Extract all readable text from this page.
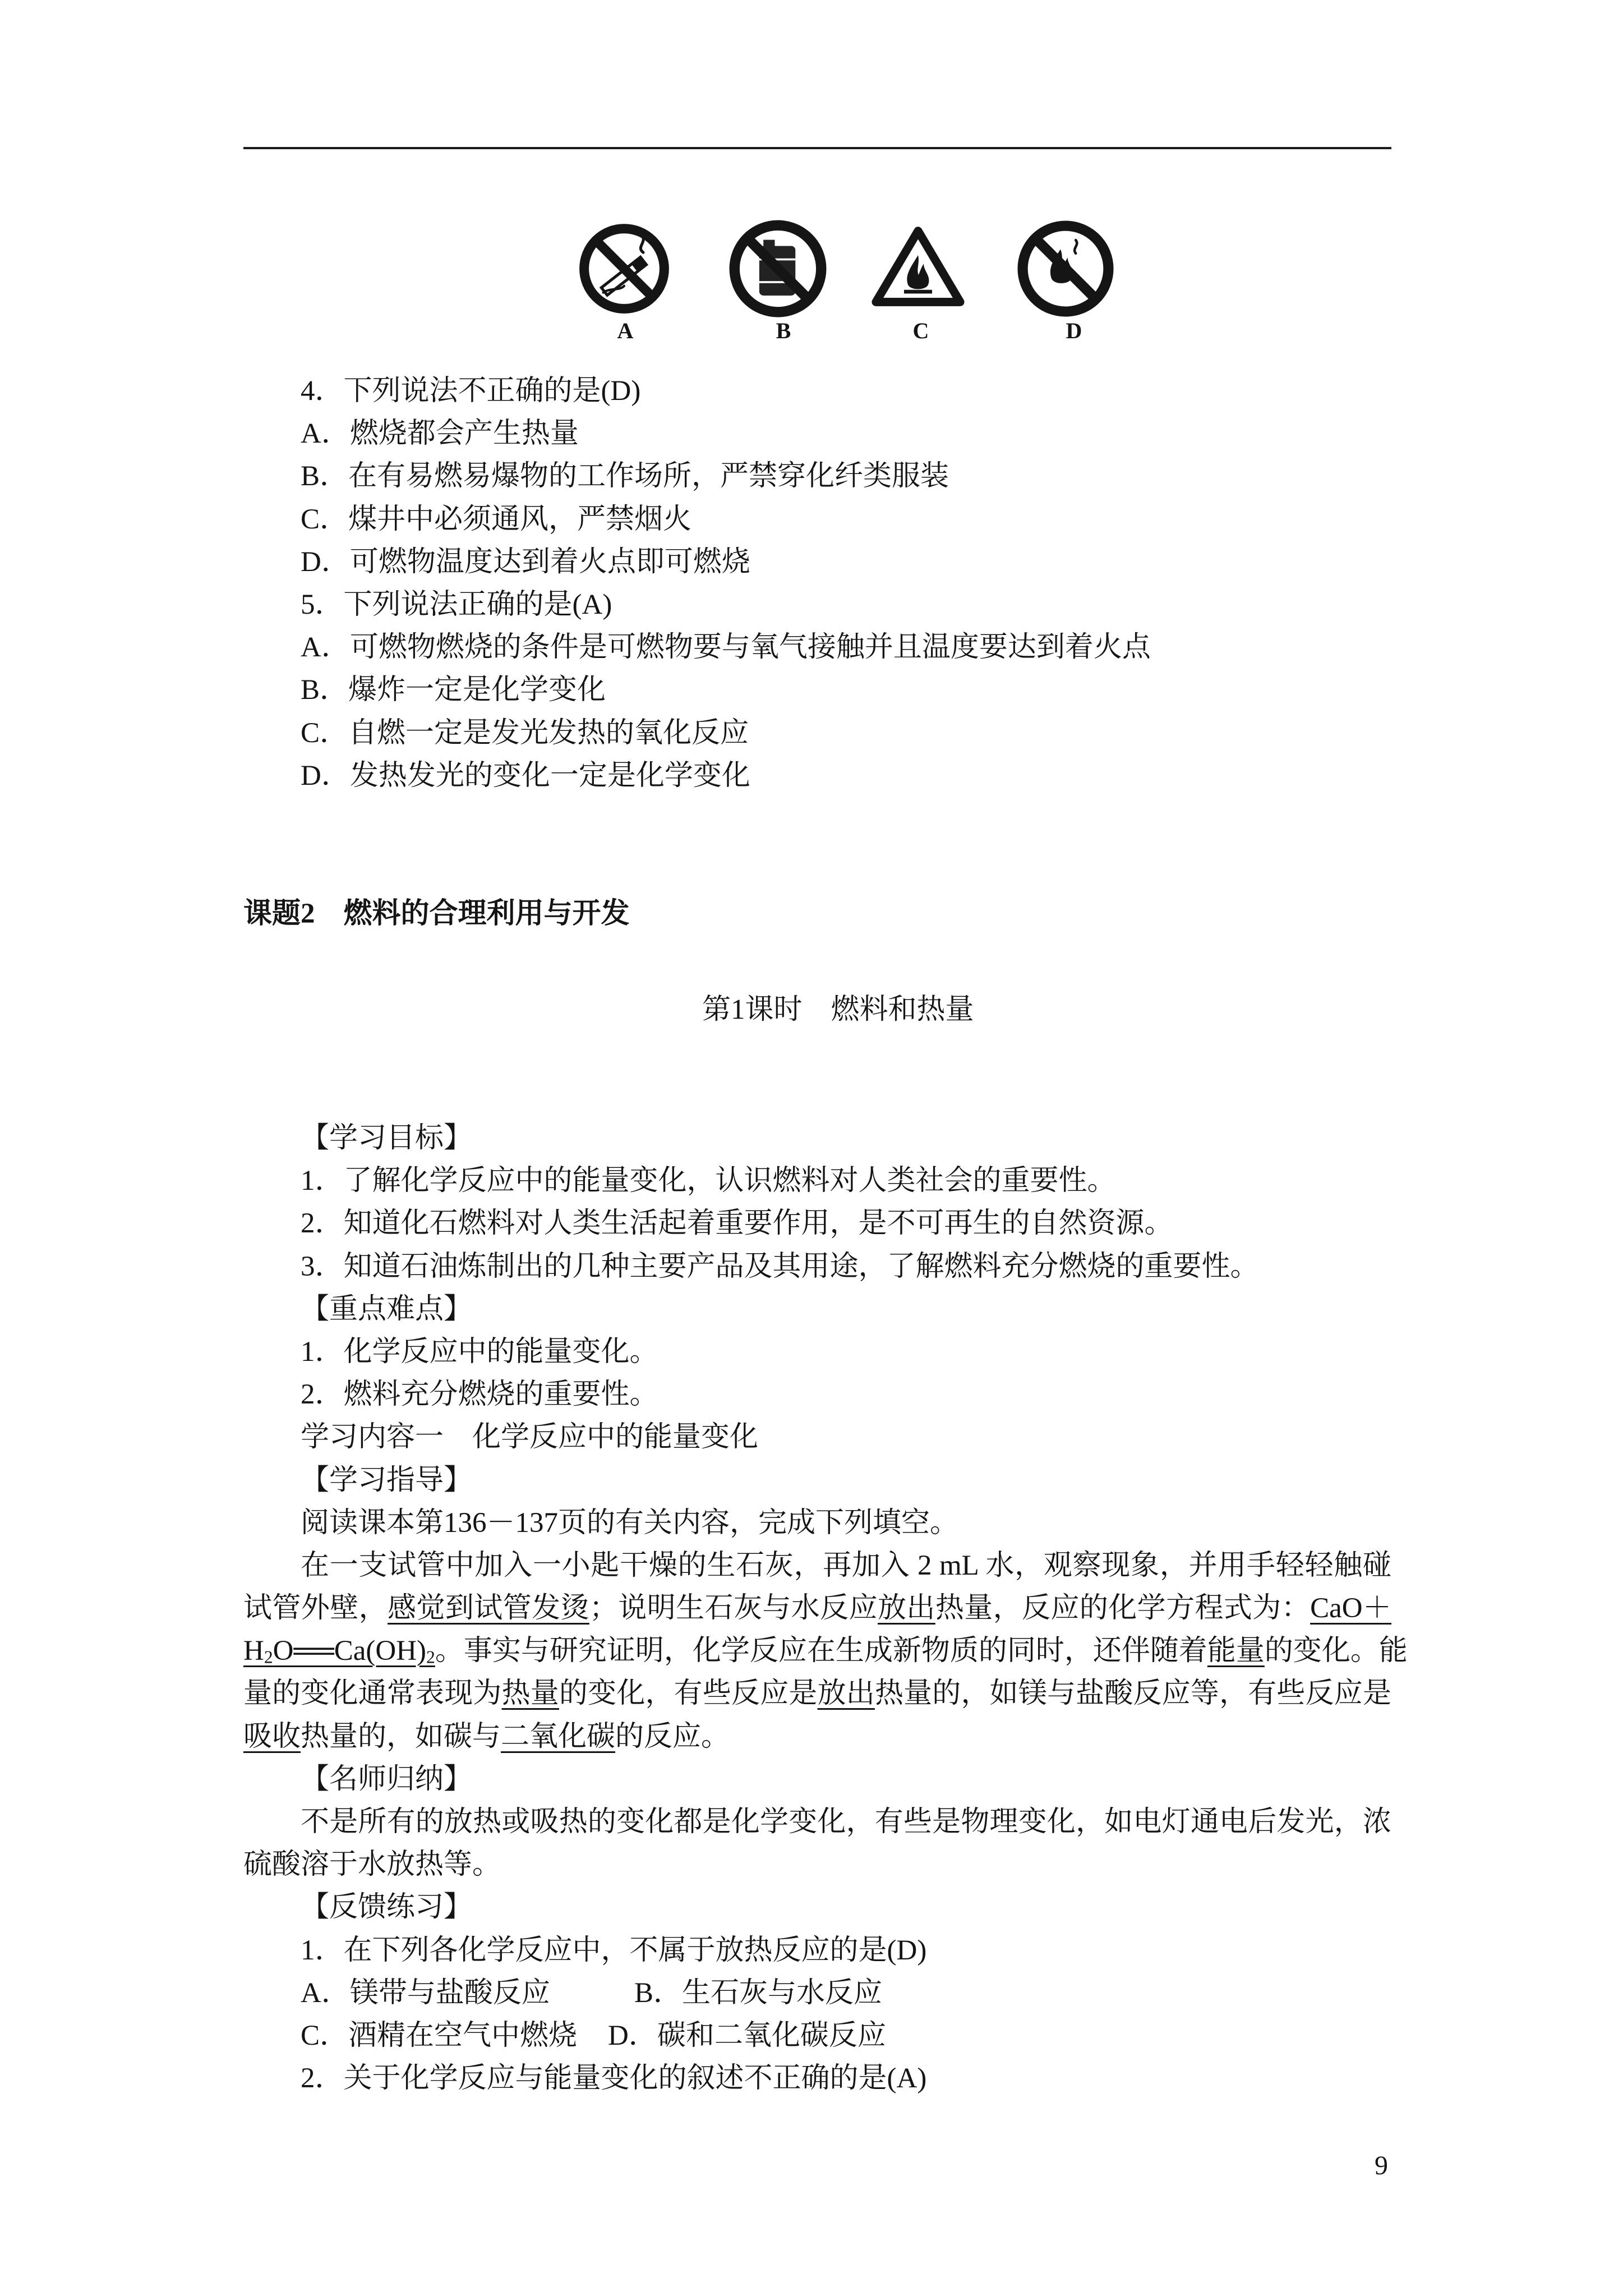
A	B	C	D
4．下列说法不正确的是(D)
A．燃烧都会产生热量
B．在有易燃易爆物的工作场所，严禁穿化纤类服装
C．煤井中必须通风，严禁烟火
D．可燃物温度达到着火点即可燃烧
5．下列说法正确的是(A)
A．可燃物燃烧的条件是可燃物要与氧气接触并且温度要达到着火点
B．爆炸一定是化学变化
C．自燃一定是发光发热的氧化反应
D．发热发光的变化一定是化学变化
课题2　燃料的合理利用与开发
第1课时　燃料和热量
【学习目标】
1．了解化学反应中的能量变化，认识燃料对人类社会的重要性。
2．知道化石燃料对人类生活起着重要作用，是不可再生的自然资源。
3．知道石油炼制出的几种主要产品及其用途，了解燃料充分燃烧的重要性。
【重点难点】
1．化学反应中的能量变化。
2．燃料充分燃烧的重要性。
学习内容一　化学反应中的能量变化
【学习指导】
阅读课本第136－137页的有关内容，完成下列填空。
在一支试管中加入一小匙干燥的生石灰，再加入 2 mL 水，观察现象，并用手轻轻触碰
试管外壁，感觉到试管发烫；说明生石灰与水反应放出热量，反应的化学方程式为：CaO＋
$H_2O══Ca(OH)_2$。事实与研究证明，化学反应在生成新物质的同时，还伴随着能量的变化。能
量的变化通常表现为热量的变化，有些反应是放出热量的，如镁与盐酸反应等，有些反应是
吸收热量的，如碳与二氧化碳的反应。
【名师归纳】
不是所有的放热或吸热的变化都是化学变化，有些是物理变化，如电灯通电后发光，浓
硫酸溶于水放热等。
【反馈练习】
1．在下列各化学反应中，不属于放热反应的是(D)
A．镁带与盐酸反应	B．生石灰与水反应
C．酒精在空气中燃烧 D．碳和二氧化碳反应
2．关于化学反应与能量变化的叙述不正确的是(A)
9
